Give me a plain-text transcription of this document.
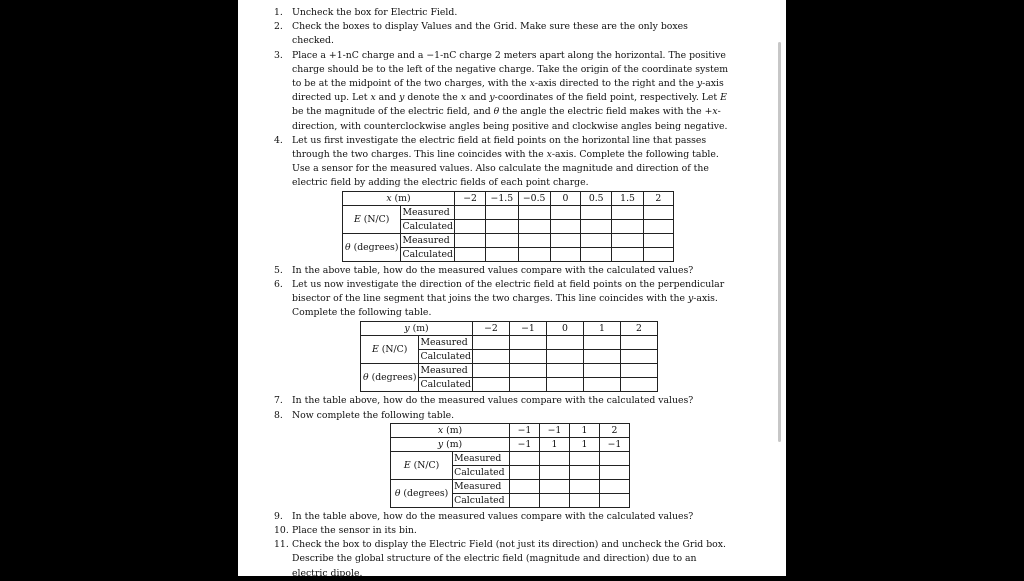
1. Uncheck the box for Electric Field.
2. Check the boxes to display Values and the Grid. Make sure these are the only boxes checked.
3. Place a +1-nC charge and a −1-nC charge 2 meters apart along the horizontal. The positive charge should be to the left of the negative charge. Take the origin of the coordinate system to be at the midpoint of the two charges, with the x-axis directed to the right and the y-axis directed up. Let x and y denote the x and y-coordinates of the field point, respectively. Let E be the magnitude of the electric field, and θ the angle the electric field makes with the +x-direction, with counterclockwise angles being positive and clockwise angles being negative.
4. Let us first investigate the electric field at field points on the horizontal line that passes through the two charges. This line coincides with the x-axis. Complete the following table. Use a sensor for the measured values. Also calculate the magnitude and direction of the electric field by adding the electric fields of each point charge.
x (m)		−2	−1.5	−0.5	0	0.5	1.5	2
E (N/C)	Measured							
	Calculated							
θ (degrees)	Measured							
	Calculated							
5. In the above table, how do the measured values compare with the calculated values?
6. Let us now investigate the direction of the electric field at field points on the perpendicular bisector of the line segment that joins the two charges. This line coincides with the y-axis. Complete the following table.
y (m)		−2	−1	0	1	2
E (N/C)	Measured					
	Calculated					
θ (degrees)	Measured					
	Calculated					
7. In the table above, how do the measured values compare with the calculated values?
8. Now complete the following table.
x (m)		−1	−1	1	2
y (m)		−1	1	1	−1
E (N/C)	Measured				
	Calculated				
θ (degrees)	Measured				
	Calculated				
9. In the table above, how do the measured values compare with the calculated values?
10. Place the sensor in its bin.
11. Check the box to display the Electric Field (not just its direction) and uncheck the Grid box. Describe the global structure of the electric field (magnitude and direction) due to an electric dipole.
